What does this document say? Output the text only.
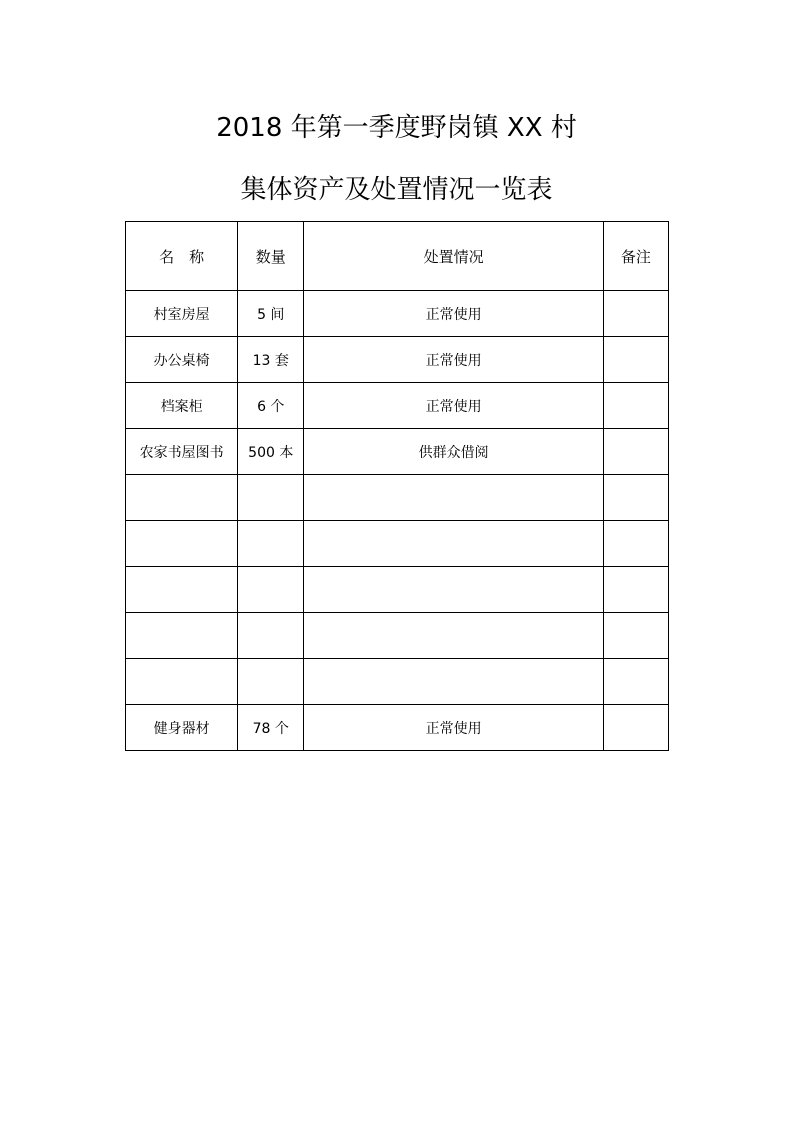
2018 年第一季度野岗镇 XX 村
集体资产及处置情况一览表
名　称	数量	处置情况	备注
村室房屋	5 间	正常使用	
办公桌椅	13 套	正常使用	
档案柜	6 个	正常使用	
农家书屋图书	500 本	供群众借阅	

健身器材	78 个	正常使用	
